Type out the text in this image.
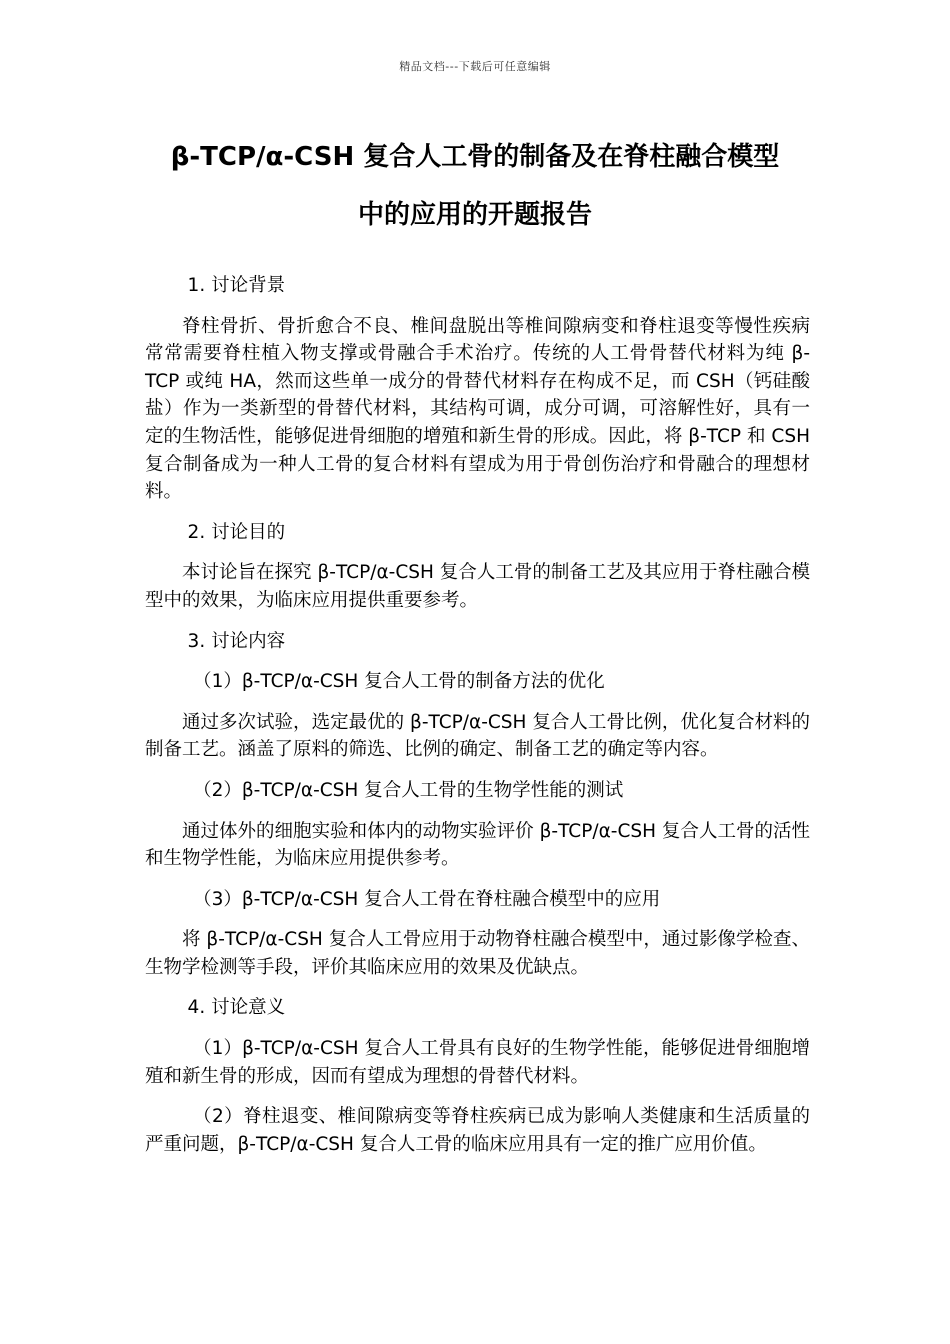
精品文档---下载后可任意编辑
β-TCP/α-CSH 复合人工骨的制备及在脊柱融合模型
中的应用的开题报告

1. 讨论背景

脊柱骨折、骨折愈合不良、椎间盘脱出等椎间隙病变和脊柱退变等慢性疾病常常需要脊柱植入物支撑或骨融合手术治疗。传统的人工骨骨替代材料为纯 β-TCP 或纯 HA，然而这些单一成分的骨替代材料存在构成不足，而 CSH（钙硅酸盐）作为一类新型的骨替代材料，其结构可调，成分可调，可溶解性好，具有一定的生物活性，能够促进骨细胞的增殖和新生骨的形成。因此，将 β-TCP 和 CSH 复合制备成为一种人工骨的复合材料有望成为用于骨创伤治疗和骨融合的理想材料。

2. 讨论目的

本讨论旨在探究 β-TCP/α-CSH 复合人工骨的制备工艺及其应用于脊柱融合模型中的效果，为临床应用提供重要参考。

3. 讨论内容

（1）β-TCP/α-CSH 复合人工骨的制备方法的优化

通过多次试验，选定最优的 β-TCP/α-CSH 复合人工骨比例，优化复合材料的制备工艺。涵盖了原料的筛选、比例的确定、制备工艺的确定等内容。

（2）β-TCP/α-CSH 复合人工骨的生物学性能的测试

通过体外的细胞实验和体内的动物实验评价 β-TCP/α-CSH 复合人工骨的活性和生物学性能，为临床应用提供参考。

（3）β-TCP/α-CSH 复合人工骨在脊柱融合模型中的应用

将 β-TCP/α-CSH 复合人工骨应用于动物脊柱融合模型中，通过影像学检查、生物学检测等手段，评价其临床应用的效果及优缺点。

4. 讨论意义

（1）β-TCP/α-CSH 复合人工骨具有良好的生物学性能，能够促进骨细胞增殖和新生骨的形成，因而有望成为理想的骨替代材料。

（2）脊柱退变、椎间隙病变等脊柱疾病已成为影响人类健康和生活质量的严重问题，β-TCP/α-CSH 复合人工骨的临床应用具有一定的推广应用价值。
